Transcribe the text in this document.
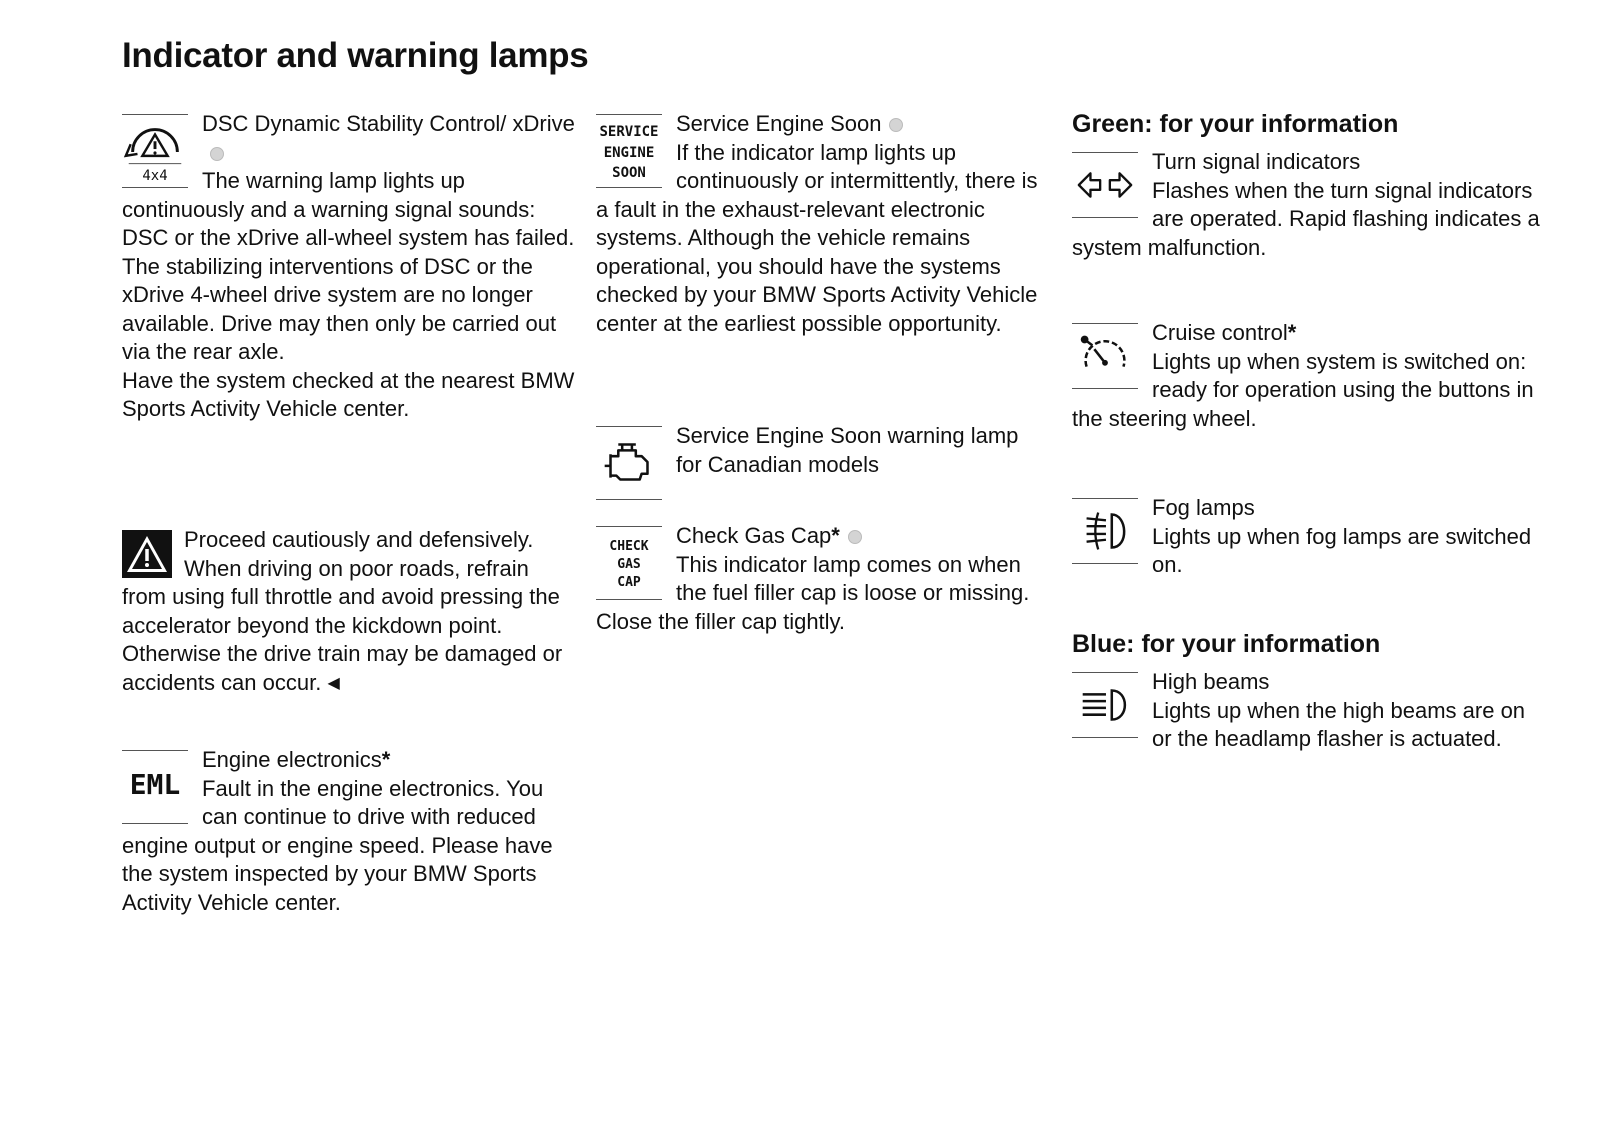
Indicator and warning lamps
4x4

DSC Dynamic Stability Control/ xDrive

The warning lamp lights up continuously and a warning signal sounds: DSC or the xDrive all-wheel system has failed.

The stabilizing interventions of DSC or the xDrive 4-wheel drive system are no longer available. Drive may then only be carried out via the rear axle.

Have the system checked at the nearest BMW Sports Activity Vehicle center.

Proceed cautiously and defensively. When driving on poor roads, refrain from using full throttle and avoid pressing the accelerator beyond the kickdown point. Otherwise the drive train may be damaged or accidents can occur. ◀

EML

Engine electronics*

Fault in the engine electronics. You can continue to drive with reduced engine output or engine speed. Please have the system inspected by your BMW Sports Activity Vehicle center.

SERVICE
ENGINE
SOON

Service Engine Soon

If the indicator lamp lights up continuously or intermittently, there is a fault in the exhaust-relevant electronic systems. Although the vehicle remains operational, you should have the systems checked by your BMW Sports Activity Vehicle center at the earliest possible opportunity.

Service Engine Soon warning lamp for Canadian models

CHECK
GAS
CAP

Check Gas Cap*

This indicator lamp comes on when the fuel filler cap is loose or missing.

Close the filler cap tightly.

Green: for your information

Turn signal indicators

Flashes when the turn signal indicators are operated. Rapid flashing indicates a system malfunction.

Cruise control*

Lights up when system is switched on: ready for operation using the buttons in the steering wheel.

Fog lamps

Lights up when fog lamps are switched on.

Blue: for your information

High beams

Lights up when the high beams are on or the headlamp flasher is actuated.
